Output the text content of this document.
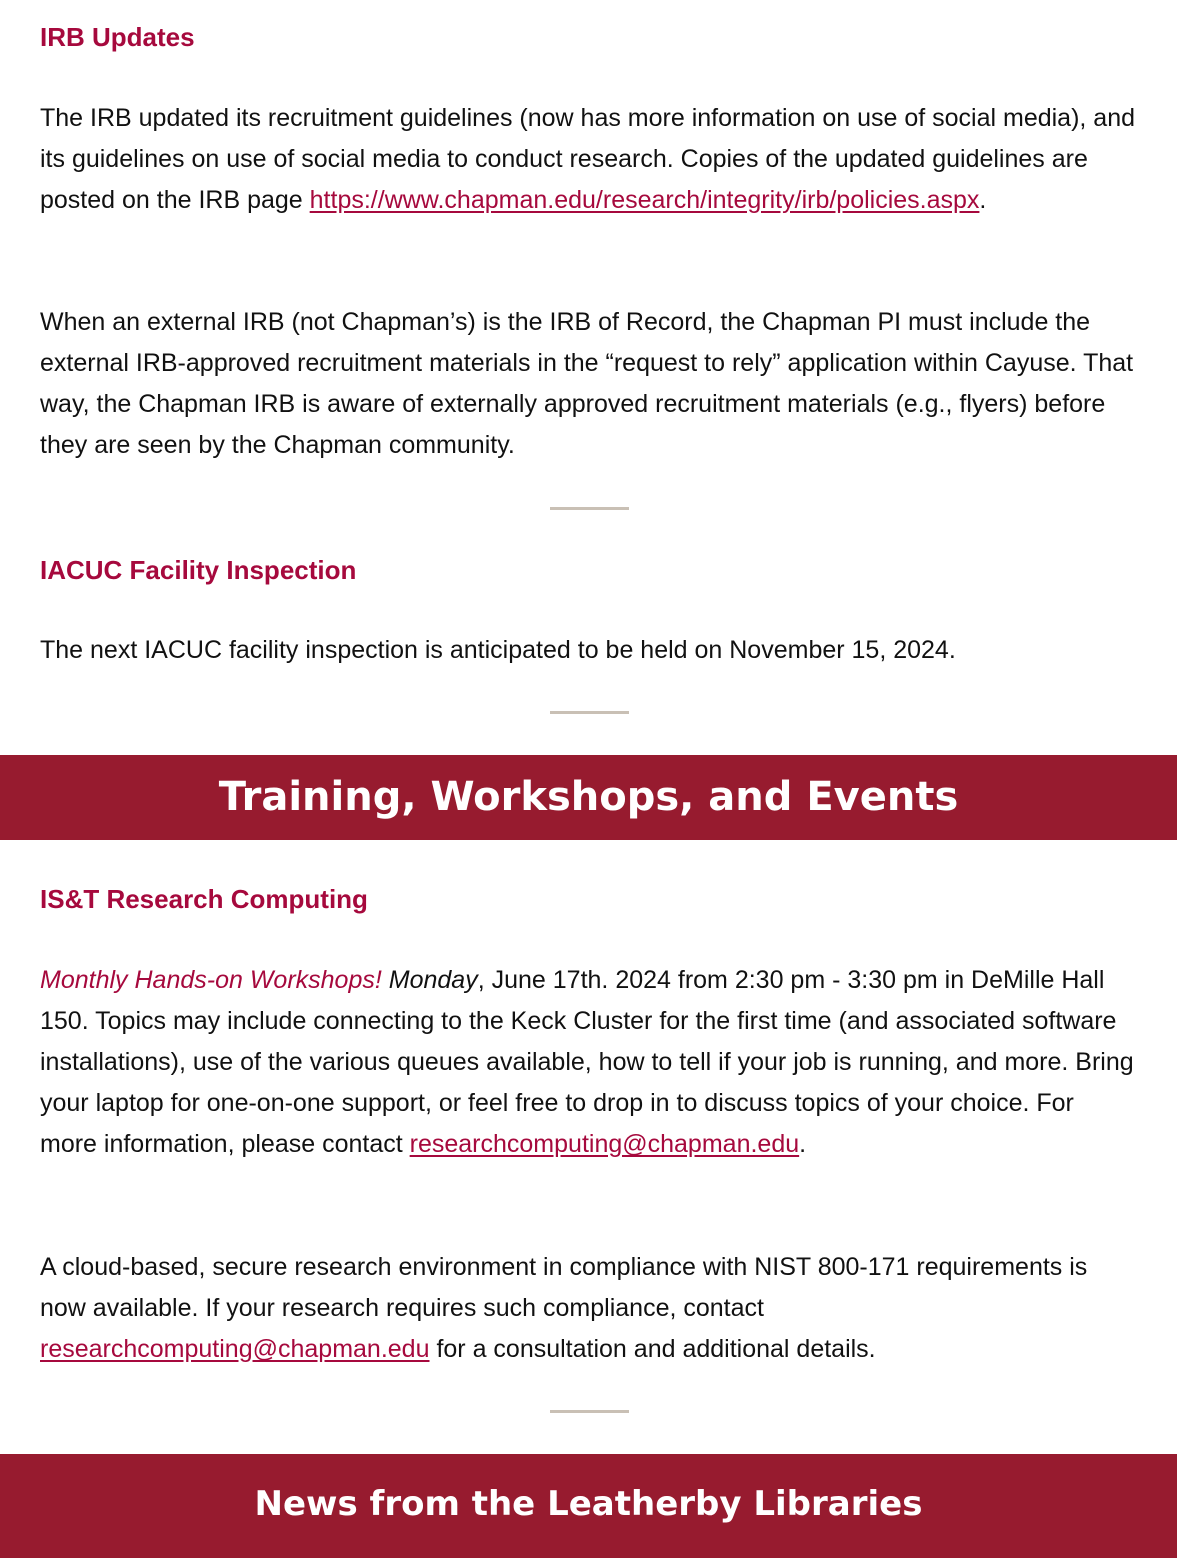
IRB Updates

The IRB updated its recruitment guidelines (now has more information on use of social media), and its guidelines on use of social media to conduct research. Copies of the updated guidelines are posted on the IRB page https://www.chapman.edu/research/integrity/irb/policies.aspx.

When an external IRB (not Chapman’s) is the IRB of Record, the Chapman PI must include the external IRB-approved recruitment materials in the “request to rely” application within Cayuse. That way, the Chapman IRB is aware of externally approved recruitment materials (e.g., flyers) before they are seen by the Chapman community.

IACUC Facility Inspection

The next IACUC facility inspection is anticipated to be held on November 15, 2024.

Training, Workshops, and Events
IS&T Research Computing

Monthly Hands-on Workshops! Monday, June 17th. 2024 from 2:30 pm - 3:30 pm in DeMille Hall 150. Topics may include connecting to the Keck Cluster for the first time (and associated software installations), use of the various queues available, how to tell if your job is running, and more. Bring your laptop for one-on-one support, or feel free to drop in to discuss topics of your choice. For more information, please contact researchcomputing@chapman.edu.

A cloud-based, secure research environment in compliance with NIST 800-171 requirements is now available. If your research requires such compliance, contact researchcomputing@chapman.edu for a consultation and additional details.

News from the Leatherby Libraries
